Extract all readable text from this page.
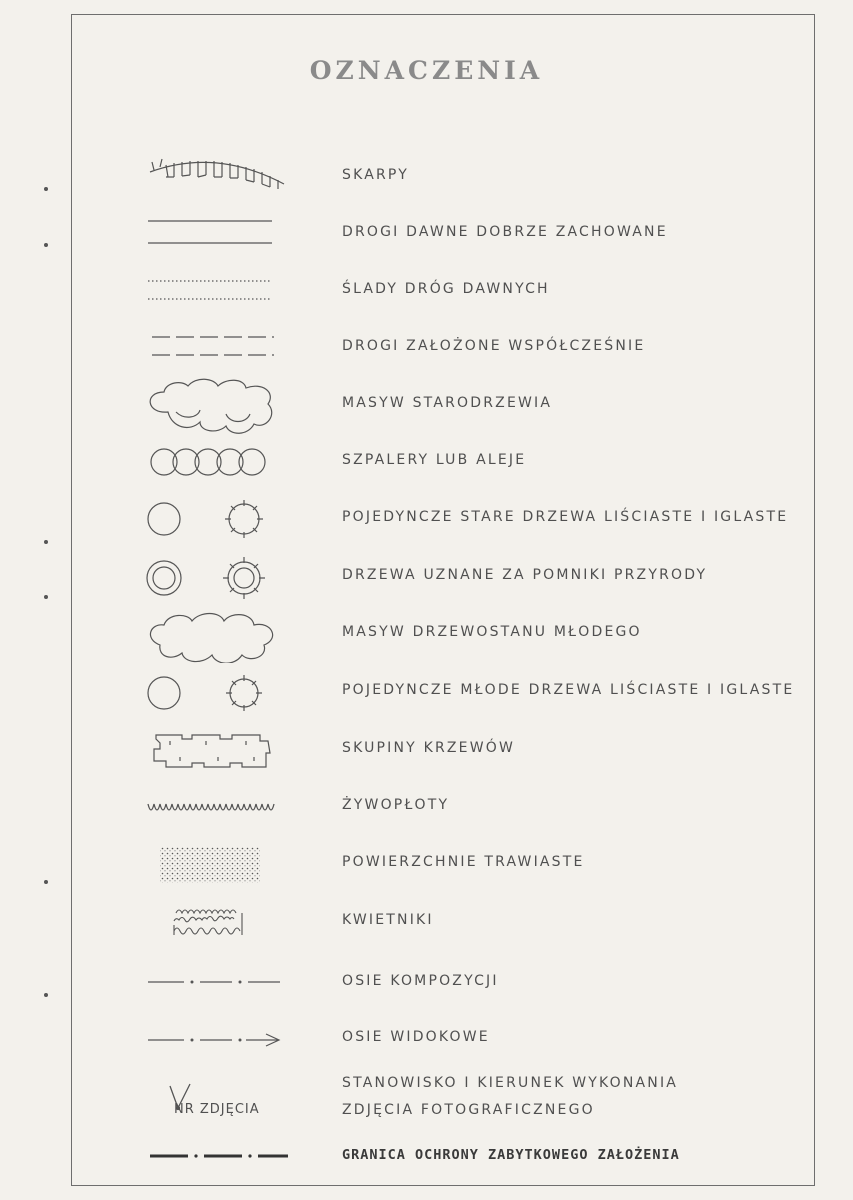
OZNACZENIA
SKARPY
DROGI DAWNE DOBRZE ZACHOWANE
ŚLADY DRÓG DAWNYCH
DROGI ZAŁOŻONE WSPÓŁCZEŚNIE
MASYW STARODRZEWIA
SZPALERY LUB ALEJE
POJEDYNCZE STARE DRZEWA LIŚCIASTE I IGLASTE
DRZEWA UZNANE ZA POMNIKI PRZYRODY
MASYW DRZEWOSTANU MŁODEGO
POJEDYNCZE MŁODE DRZEWA LIŚCIASTE I IGLASTE
SKUPINY KRZEWÓW
ŻYWOPŁOTY
POWIERZCHNIE TRAWIASTE
KWIETNIKI
OSIE KOMPOZYCJI
OSIE WIDOKOWE
NR ZDJĘCIA
STANOWISKO I KIERUNEK WYKONANIA
ZDJĘCIA FOTOGRAFICZNEGO
GRANICA OCHRONY ZABYTKOWEGO ZAŁOŻENIA
